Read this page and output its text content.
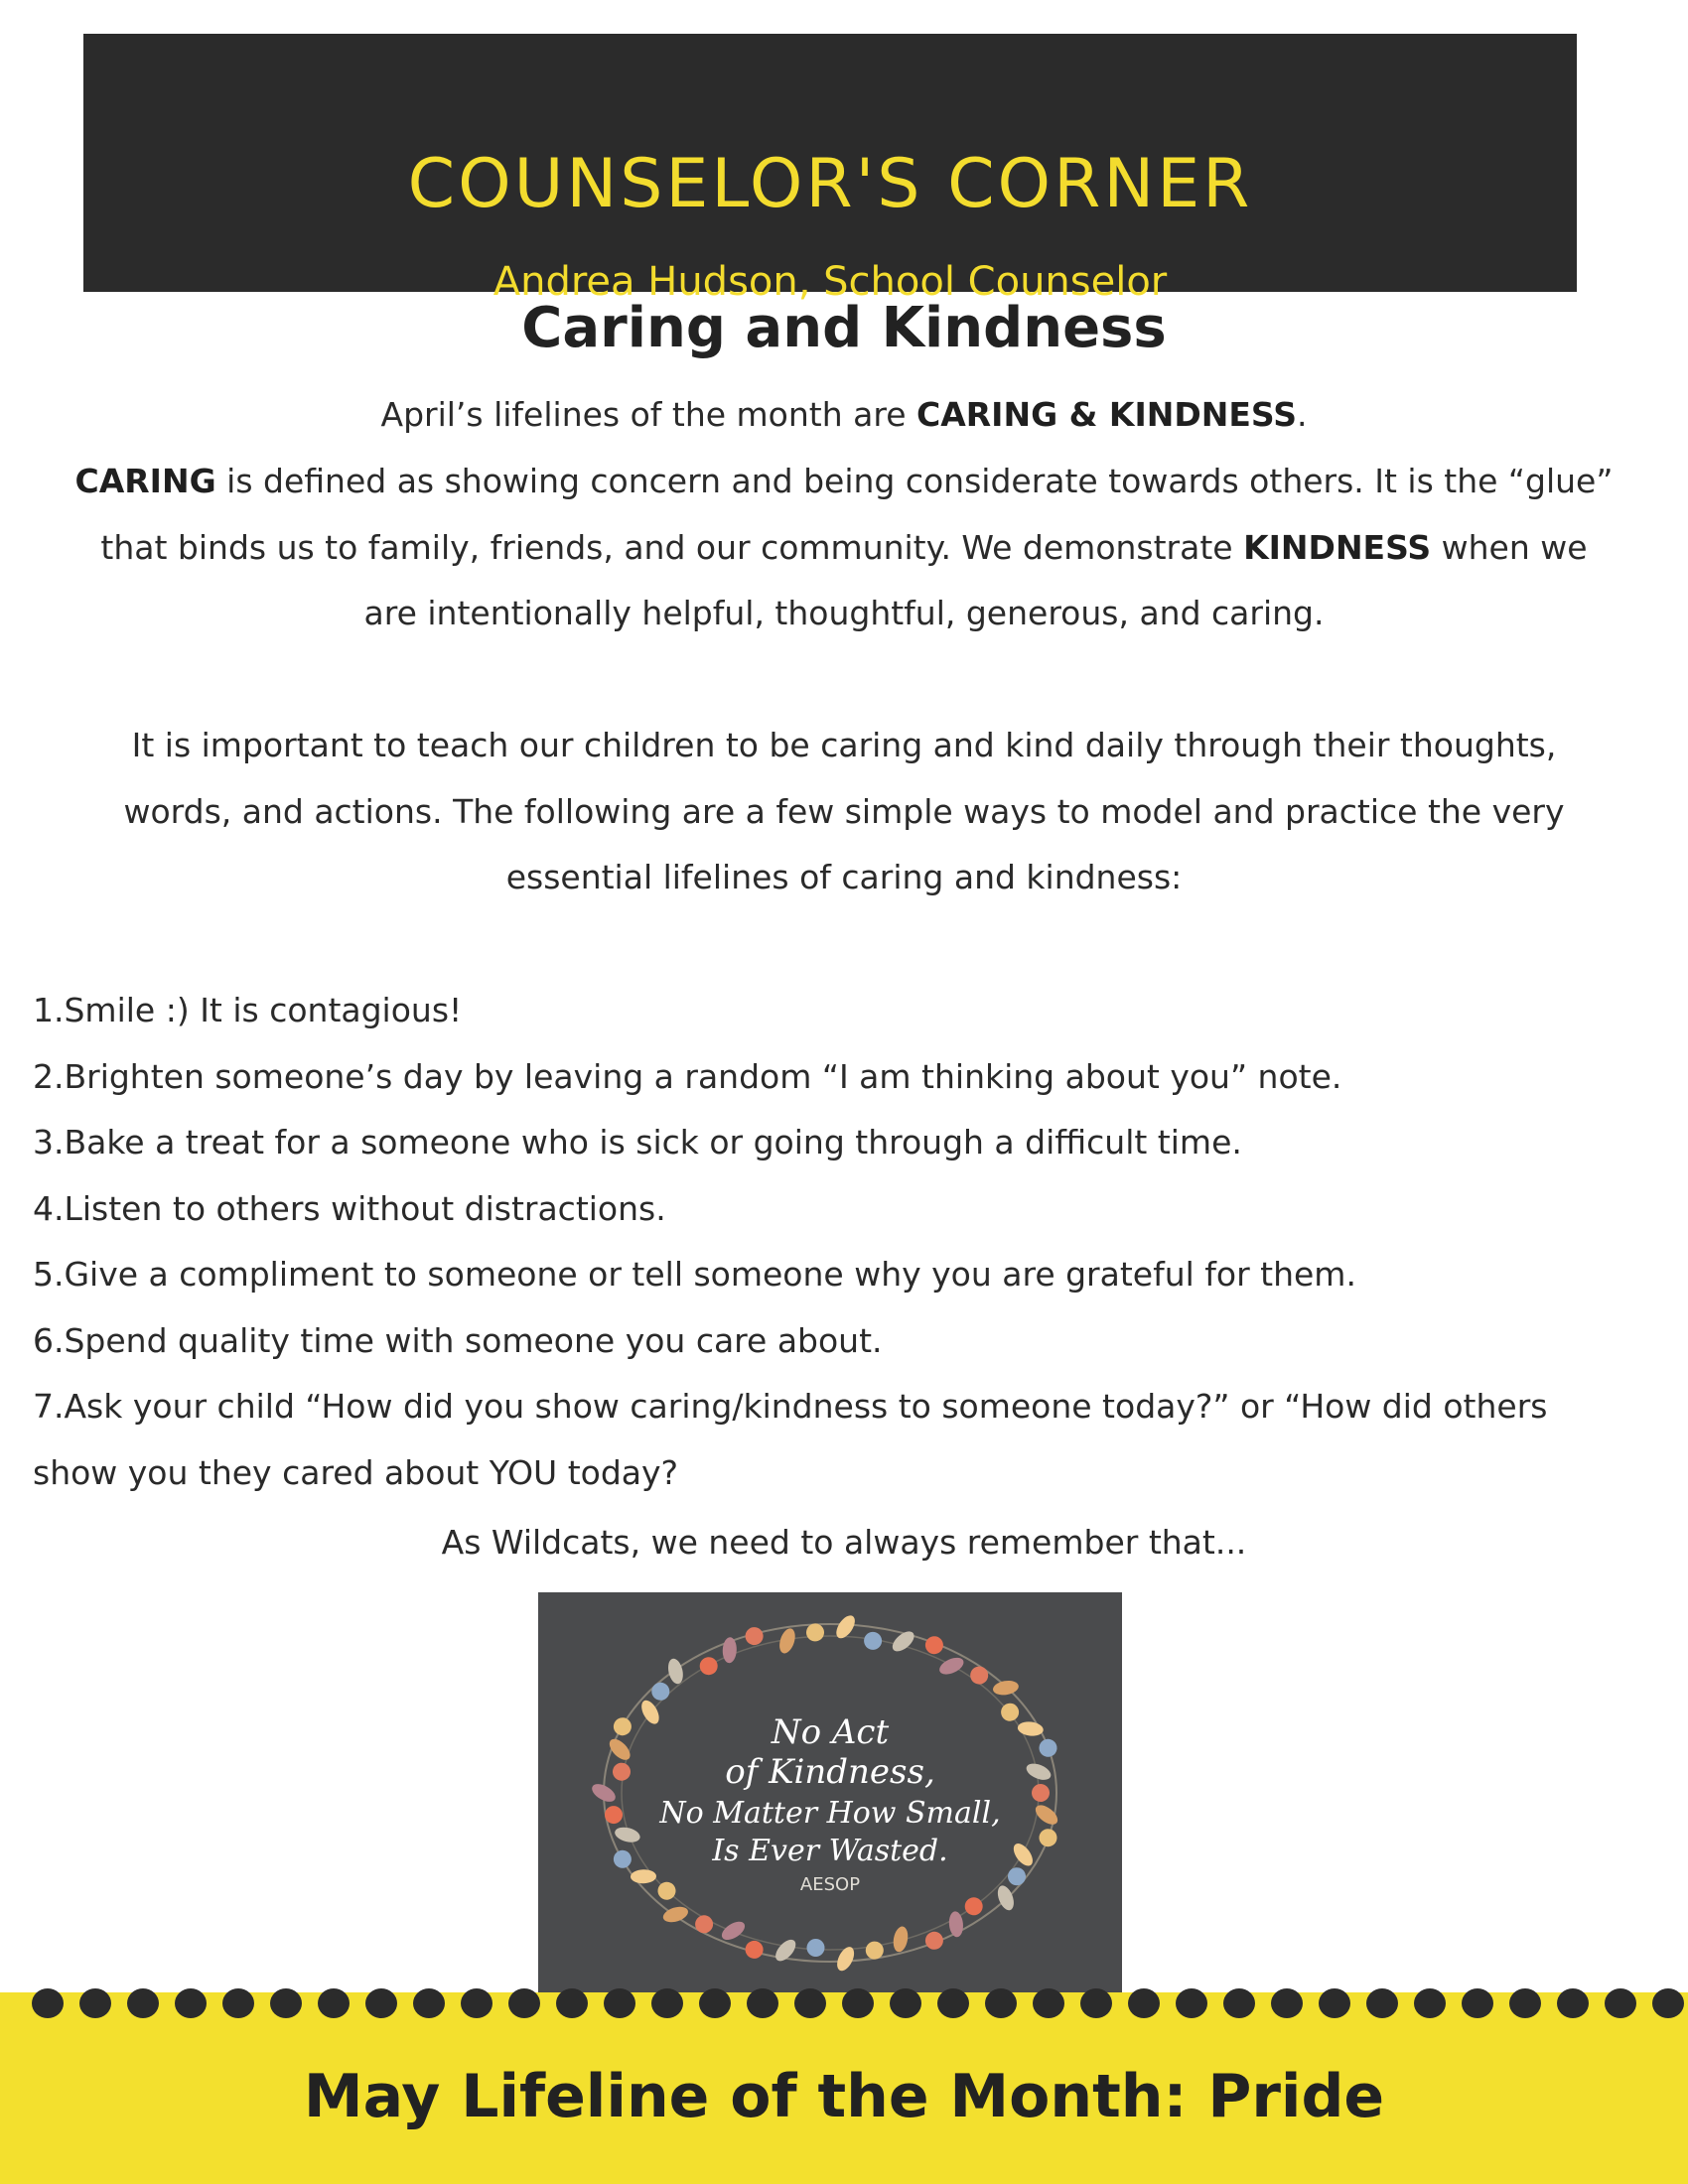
COUNSELOR'S CORNER
Andrea Hudson, School Counselor
Caring and Kindness
April’s lifelines of the month are CARING & KINDNESS.
CARING is defined as showing concern and being considerate towards others. It is the “glue”
that binds us to family, friends, and our community. We demonstrate KINDNESS when we
are intentionally helpful, thoughtful, generous, and caring.
It is important to teach our children to be caring and kind daily through their thoughts,
words, and actions. The following are a few simple ways to model and practice the very
essential lifelines of caring and kindness:
1.Smile :) It is contagious!
2.Brighten someone’s day by leaving a random “I am thinking about you” note.
3.Bake a treat for a someone who is sick or going through a difficult time.
4.Listen to others without distractions.
5.Give a compliment to someone or tell someone why you are grateful for them.
6.Spend quality time with someone you care about.
7.Ask your child “How did you show caring/kindness to someone today?” or “How did others
show you they cared about YOU today?
As Wildcats, we need to always remember that...
No Act
of Kindness,
No Matter How Small,
Is Ever Wasted.
AESOP
May Lifeline of the Month: Pride
